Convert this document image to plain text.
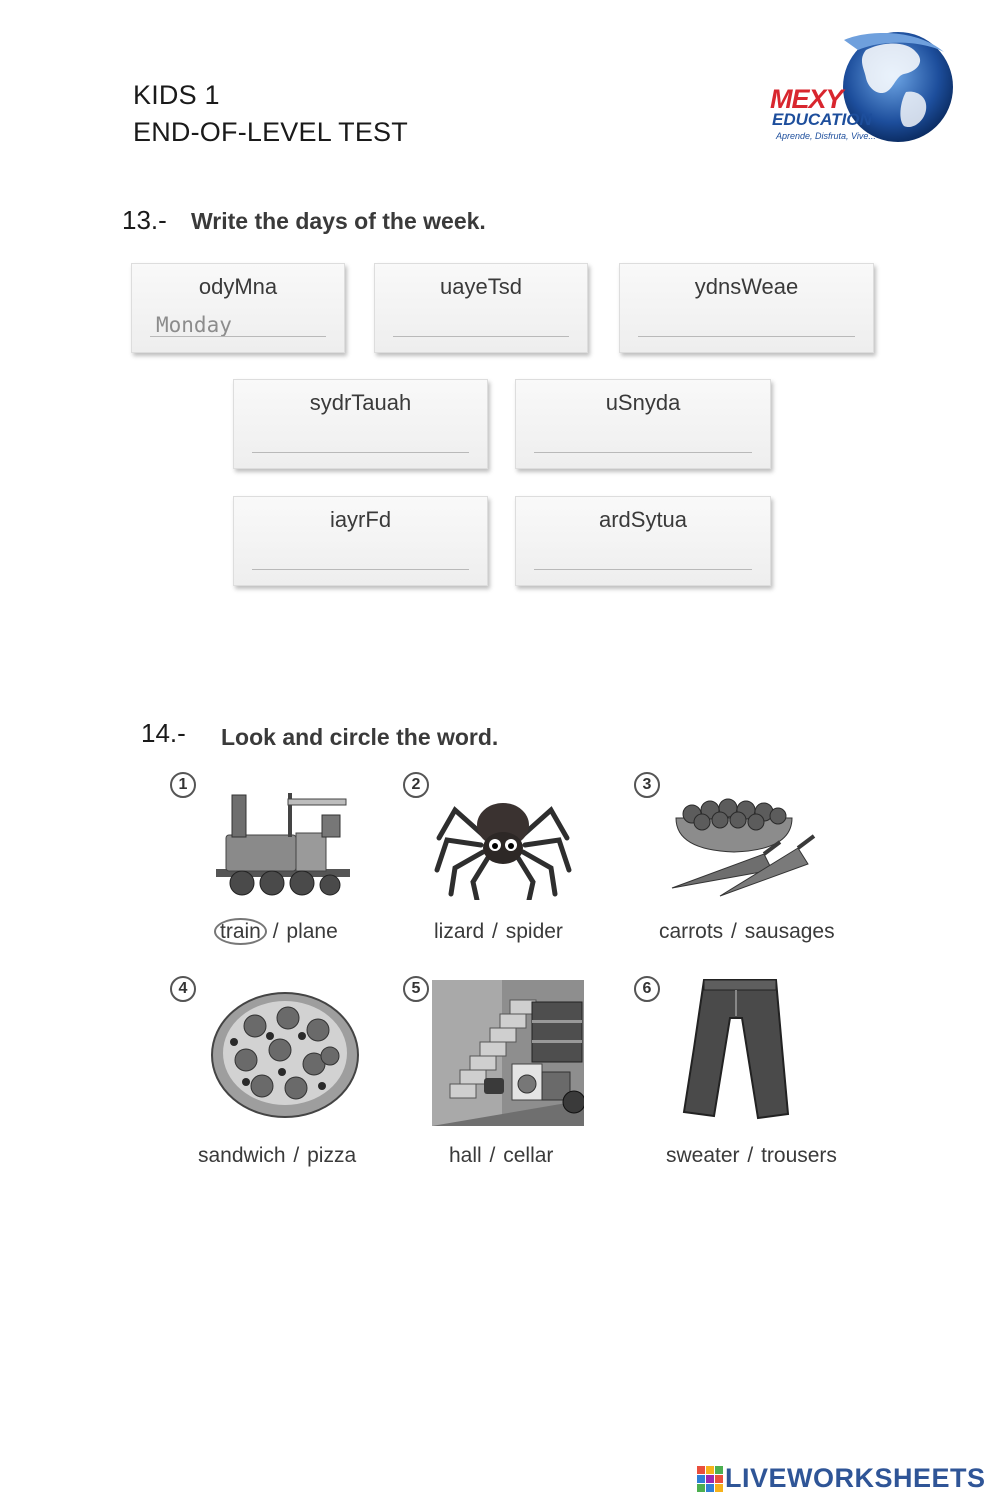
KIDS 1
END-OF-LEVEL TEST
MEXY
EDUCATION
Aprende, Disfruta, Vive...
13.- Write the days of the week.
odyMna
Monday	uayeTsd	ydnsWeae
sydrTauah	uSnyda
iayrFd	ardSytua
14.- Look and circle the word.
1
train / plane
2
lizard / spider
3
carrots / sausages
4
sandwich / pizza
5
hall / cellar
6
sweater / trousers
LIVEWORKSHEETS
